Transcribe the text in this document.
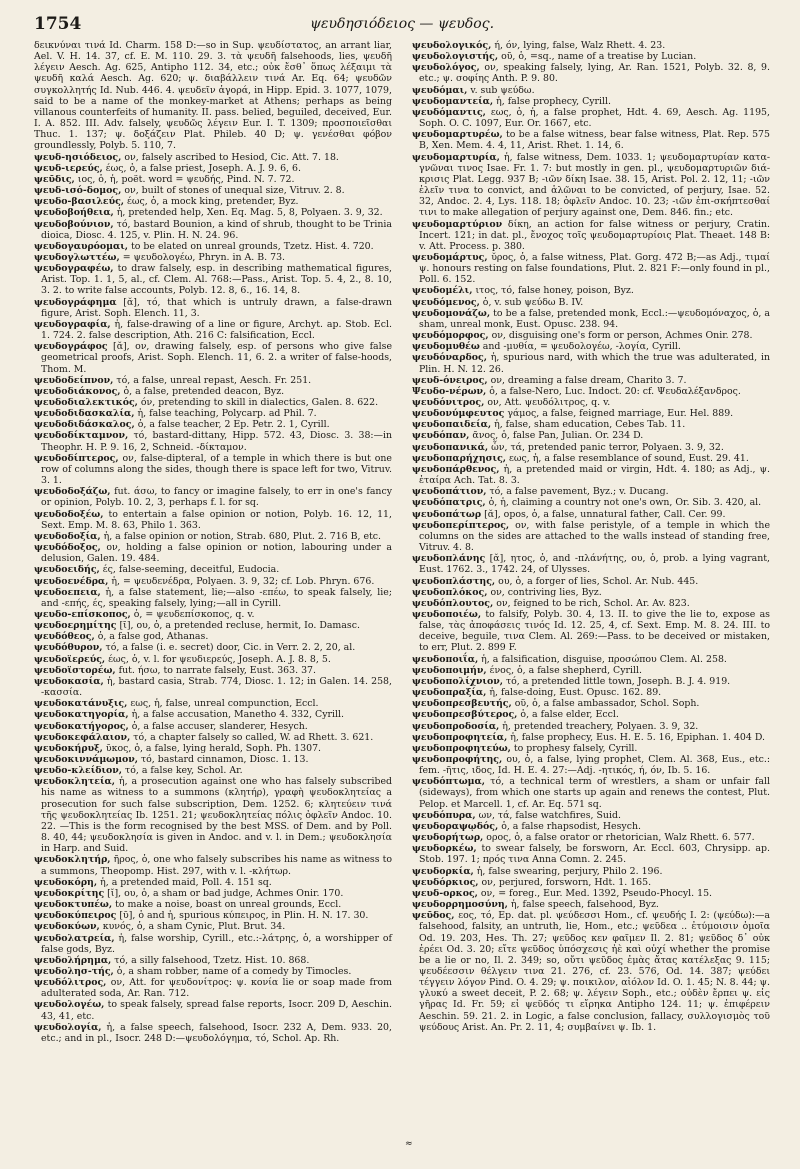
1754	ψευδησιόδειος — ψευδος.

δεικνύναι τινά Id. Charm. 158 D:—so in Sup. ψευδίστατος, an arrant liar, Ael. V. H. 14. 37, cf. E. M. 110. 29. 3. τὰ ψευδῆ falsehoods, lies, ψευδῆ λέγειν Aesch. Ag. 625, Antipho 112. 34, etc.; οὐκ ἔσθ᾽ ὅπως λέξαιμι τὰ ψευδῆ καλά Aesch. Ag. 620; ψ. διαβάλλειν τινά Ar. Eq. 64; ψευδῶν συγκολλητής Id. Nub. 446. 4. ψευδεῖν ἀγορά, in Hipp. Epid. 3. 1077, 1079, said to be a name of the monkey-market at Athens; perhaps as being villanous counterfeits of humanity. II. pass. belied, beguiled, deceived, Eur. I. A. 852. III. Adv. falsely, ψευδῶς λέγειν Eur. I. T. 1309; προσποιεῖσθαι Thuc. 1. 137; ψ. δοξάζειν Plat. Phileb. 40 D; ψ. γενέσθαι φόβον groundlessly, Polyb. 5. 110, 7.

ψευδ-ησιόδειος, ον, falsely ascribed to Hesiod, Cic. Att. 7. 18.

ψευδ-ιερεύς, έως, ὁ, a false priest, Joseph. A. J. 9. 6, 6.

ψεῦδις, ιος, ὁ, ἡ, poët. word = ψευδής, Pind. N. 7. 72.

ψευδ-ισό-δομος, ον, built of stones of unequal size, Vitruv. 2. 8.

ψευδο-βασιλεύς, έως, ὁ, a mock king, pretender, Byz.

ψευδοβοήθεια, ἡ, pretended help, Xen. Eq. Mag. 5, 8, Polyaen. 3. 9, 32.

ψευδοβούνιον, τό, bastard Bounion, a kind of shrub, thought to be Trinia dioica, Diosc. 4. 125, v. Plin. H. N. 24. 96.

ψευδογαυρόομαι, to be elated on unreal grounds, Tzetz. Hist. 4. 720.

ψευδογλωττέω, = ψευδολογέω, Phryn. in A. B. 73.

ψευδογραφέω, to draw falsely, esp. in describing mathematical figures, Arist. Top. 1. 1, 5, al., cf. Clem. Al. 768:—Pass., Arist. Top. 5. 4, 2., 8. 10, 3. 2. to write false accounts, Polyb. 12. 8, 6., 16. 14, 8.

ψευδογράφημα [ᾰ], τό, that which is untruly drawn, a false-drawn figure, Arist. Soph. Elench. 11, 3.

ψευδογραφία, ἡ, false-drawing of a line or figure, Archyt. ap. Stob. Ecl. 1. 724. 2. false description, Ath. 216 C: falsification, Eccl.

ψευδογράφος [ᾰ], ον, drawing falsely, esp. of persons who give false geometrical proofs, Arist. Soph. Elench. 11, 6. 2. a writer of false-hoods, Thom. M.

ψευδοδείπνον, τό, a false, unreal repast, Aesch. Fr. 251.

ψευδοδιάκονος, ὁ, a false, pretended deacon, Byz.

ψευδοδιαλεκτικός, όν, pretending to skill in dialectics, Galen. 8. 622.

ψευδοδιδασκαλία, ἡ, false teaching, Polycarp. ad Phil. 7.

ψευδοδιδάσκαλος, ὁ, a false teacher, 2 Ep. Petr. 2. 1, Cyrill.

ψευδοδίκταμνον, τό, bastard-dittany, Hipp. 572. 43, Diosc. 3. 38:—in Theophr. H. P. 9. 16, 2, Schneid. -δίκταμον.

ψευδοδίπτερος, ον, false-dipteral, of a temple in which there is but one row of columns along the sides, though there is space left for two, Vitruv. 3. 1.

ψευδοδοξάζω, fut. άσω, to fancy or imagine falsely, to err in one's fancy or opinion, Polyb. 10. 2, 3, perhaps f. l. for sq.

ψευδοδοξέω, to entertain a false opinion or notion, Polyb. 16. 12, 11, Sext. Emp. M. 8. 63, Philo 1. 363.

ψευδοδοξία, ἡ, a false opinion or notion, Strab. 680, Plut. 2. 716 B, etc.

ψευδόδοξος, ον, holding a false opinion or notion, labouring under a delusion, Galen. 19. 484.

ψευδοειδής, ές, false-seeming, deceitful, Eudocia.

ψευδοενέδρα, ἡ, = ψευδενέδρα, Polyaen. 3. 9, 32; cf. Lob. Phryn. 676.

ψευδοεπεια, ἡ, a false statement, lie;—also -επέω, to speak falsely, lie; and -επής, ές, speaking falsely, lying;—all in Cyrill.

ψευδο-επίσκοπος, ὁ, = ψευδεπίσκοπος, q. v.

ψευδοερημίτης [ῑ], ου, ὁ, a pretended recluse, hermit, Io. Damasc.

ψευδόθεος, ὁ, a false god, Athanas.

ψευδόθυρον, τό, a false (i. e. secret) door, Cic. in Verr. 2. 2, 20, al.

ψευδοϊερεύς, έως, ὁ, v. l. for ψευδιερεύς, Joseph. A. J. 8. 8, 5.

ψευδοϊστορέω, fut. ήσω, to narrate falsely, Eust. 363. 37.

ψευδοκασία, ἡ, bastard casia, Strab. 774, Diosc. 1. 12; in Galen. 14. 258, -κασσία.

ψευδοκατάνυξις, εως, ἡ, false, unreal compunction, Eccl.

ψευδοκατηγορία, ἡ, a false accusation, Manetho 4. 332, Cyrill.

ψευδοκατήγορος, ὁ, a false accuser, slanderer, Hesych.

ψευδοκεφάλαιον, τό, a chapter falsely so called, W. ad Rhett. 3. 621.

ψευδοκήρυξ, ῡκος, ὁ, a false, lying herald, Soph. Ph. 1307.

ψευδοκιννάμωμον, τό, bastard cinnamon, Diosc. 1. 13.

ψευδο-κλείδιον, τό, a false key, Schol. Ar.

ψευδοκλητεία, ἡ, a prosecution against one who has falsely subscribed his name as witness to a summons (κλητήρ), γραφὴ ψευδοκλητείας a prosecution for such false subscription, Dem. 1252. 6; κλητεύειν τινά τῆς ψευδοκλητείας Ib. 1251. 21; ψευδοκλητείας πόλις ὀφλεῖν Andoc. 10. 22. —This is the form recognised by the best MSS. of Dem. and by Poll. 8. 40, 44; ψευδοκλησία is given in Andoc. and v. l. in Dem.; ψευδοκλησία in Harp. and Suid.

ψευδοκλητήρ, ῆρος, ὁ, one who falsely subscribes his name as witness to a summons, Theopomp. Hist. 297, with v. l. -κλήτωρ.

ψευδοκόρη, ἡ, a pretended maid, Poll. 4. 151 sq.

ψευδοκρίτης [ῐ], ου, ὁ, a sham or bad judge, Achmes Onir. 170.

ψευδοκτυπέω, to make a noise, boast on unreal grounds, Eccl.

ψευδοκύπειρος [ῡ], ὁ and ἡ, spurious κύπειρος, in Plin. H. N. 17. 30.

ψευδοκύων, κυνός, ὁ, a sham Cynic, Plut. Brut. 34.

ψευδολατρεία, ἡ, false worship, Cyrill., etc.:-λάτρης, ὁ, a worshipper of false gods, Byz.

ψευδολήρημα, τό, a silly falsehood, Tzetz. Hist. 10. 868.

ψευδολησ-τής, ὁ, a sham robber, name of a comedy by Timocles.

ψευδόλιτρος, ον, Att. for ψευδονίτρος: ψ. κονία lie or soap made from adulterated soda, Ar. Ran. 712.

ψευδολογέω, to speak falsely, spread false reports, Isocr. 209 D, Aeschin. 43, 41, etc.

ψευδολογία, ἡ, a false speech, falsehood, Isocr. 232 A, Dem. 933. 20, etc.; and in pl., Isocr. 248 D:—ψευδολόγημα, τό, Schol. Ap. Rh.

ψευδολογικός, ή, όν, lying, false, Walz Rhett. 4. 23.

ψευδολογιστής, οῦ, ὁ, =sq., name of a treatise by Lucian.

ψευδολόγος, ον, speaking falsely, lying, Ar. Ran. 1521, Polyb. 32. 8, 9. etc.; ψ. σοφίης Anth. P. 9. 80.

ψευδόμαι, v. sub ψεύδω.

ψευδομαντεία, ἡ, false prophecy, Cyrill.

ψευδόμαντις, εως, ὁ, ἡ, a false prophet, Hdt. 4. 69, Aesch. Ag. 1195, Soph. O. C. 1097, Eur. Or. 1667, etc.

ψευδομαρτυρέω, to be a false witness, bear false witness, Plat. Rep. 575 B, Xen. Mem. 4. 4, 11, Arist. Rhet. 1. 14, 6.

ψευδομαρτυρία, ἡ, false witness, Dem. 1033. 1; ψευδομαρτυρίαν κατα-γνῶναι τινος Isae. Fr. 1. 7: but mostly in gen. pl., ψευδομαρτυριῶν διά-κρισις Plat. Legg. 937 B; -ιῶν δίκη Isae. 38. 15, Arist. Pol. 2. 12, 11; -ιῶν ἑλεῖν τινα to convict, and ἁλῶναι to be convicted, of perjury, Isae. 52. 32, Andoc. 2. 4, Lys. 118. 18; ὀφλεῖν Andoc. 10. 23; -ιῶν ἐπι-σκήπτεσθαί τινι to make allegation of perjury against one, Dem. 846. fin.; etc.

ψευδομαρτύριον δίκη, an action for false witness or perjury, Cratin. Incert. 121; in dat. pl., ἔνοχος τοῖς ψευδομαρτυρίοις Plat. Theaet. 148 B: v. Att. Process. p. 380.

ψευδομάρτυς, ῠρος, ὁ, a false witness, Plat. Gorg. 472 B;—as Adj., τιμαί ψ. honours resting on false foundations, Plut. 2. 821 F:—only found in pl., Poll. 6. 152.

ψευδομέλι, ιτος, τό, false honey, poison, Byz.

ψευδόμενος, ὁ, v. sub ψεύδω B. IV.

ψευδομονάζω, to be a false, pretended monk, Eccl.:—ψευδομόναχος, ὁ, a sham, unreal monk, Eust. Opusc. 238. 94.

ψευδόμορφος, ον, disguising one's form or person, Achmes Onir. 278.

ψευδομυθέω and -μυθία, = ψευδολογέω, -λογία, Cyrill.

ψευδόναρδος, ἡ, spurious nard, with which the true was adulterated, in Plin. H. N. 12. 26.

ψευδ-όνειρος, ον, dreaming a false dream, Charito 3. 7.

Ψευδο-νέρων, ὁ, a false-Nero, Luc. Indoct. 20: cf. Ψευδαλέξανδρος.

ψευδόνιτρος, ον, Att. ψευδόλιτρος, q. v.

ψευδονύμφευτος γάμος, a false, feigned marriage, Eur. Hel. 889.

ψευδοπαιδεία, ἡ, false, sham education, Cebes Tab. 11.

ψευδόπαν, ᾶνος, ὁ, false Pan, Julian. Or. 234 D.

ψευδοπανικά, ὧν, τά, pretended panic terror, Polyaen. 3. 9, 32.

ψευδοπαρήχησις, εως, ἡ, a false resemblance of sound, Eust. 29. 41.

ψευδοπάρθενος, ἡ, a pretended maid or virgin, Hdt. 4. 180; as Adj., ψ. ἑταίρα Ach. Tat. 8. 3.

ψευδοπάτιον, τό, a false pavement, Byz.; v. Ducang.

ψευδόπατρις, ὁ, ἡ, claiming a country not one's own, Or. Sib. 3. 420, al.

ψευδοπάτωρ [ᾰ], opos, ὁ, a false, unnatural father, Call. Cer. 99.

ψευδοπερίπτερος, ον, with false peristyle, of a temple in which the columns on the sides are attached to the walls instead of standing free, Vitruv. 4. 8.

ψευδοπλάνης [ᾰ], ητος, ὁ, and -πλάνήτης, ου, ὁ, prob. a lying vagrant, Eust. 1762. 3., 1742. 24, of Ulysses.

ψευδοπλάστης, ου, ὁ, a forger of lies, Schol. Ar. Nub. 445.

ψευδοπλόκος, ον, contriving lies, Byz.

ψευδόπλουτος, ον, feigned to be rich, Schol. Ar. Av. 823.

ψευδοποιέω, to falsify, Polyb. 30. 4, 13. II. to give the lie to, expose as false, τὰς ἀποφάσεις τινός Id. 12. 25, 4, cf. Sext. Emp. M. 8. 24. III. to deceive, beguile, τινα Clem. Al. 269:—Pass. to be deceived or mistaken, to err, Plut. 2. 899 F.

ψευδοποιΐα, ἡ, a falsification, disguise, προσώπου Clem. Al. 258.

ψευδοποιμήν, ένος, ὁ, a false shepherd, Cyrill.

ψευδοπολίχνιον, τό, a pretended little town, Joseph. B. J. 4. 919.

ψευδοπραξία, ἡ, false-doing, Eust. Opusc. 162. 89.

ψευδοπρεσβευτής, οῦ, ὁ, a false ambassador, Schol. Soph.

ψευδοπρεσβύτερος, ὁ, a false elder, Eccl.

ψευδοπροδοσία, ἡ, pretended treachery, Polyaen. 3. 9, 32.

ψευδοπροφητεία, ἡ, false prophecy, Eus. H. E. 5. 16, Epiphan. 1. 404 D.

ψευδοπροφητεύω, to prophesy falsely, Cyrill.

ψευδοπροφήτης, ου, ὁ, a false, lying prophet, Clem. Al. 368, Eus., etc.: fem. -ῆτις, ιδος, Id. H. E. 4. 27:—Adj. -ητικός, ή, όν, Ib. 5. 16.

ψευδόπτωμα, τό, a technical term of wrestlers, a sham or unfair fall (sideways), from which one starts up again and renews the contest, Plut. Pelop. et Marcell. 1, cf. Ar. Eq. 571 sq.

ψευδόπυρα, ων, τά, false watchfires, Suid.

ψευδοραψῳδός, ὁ, a false rhapsodist, Hesych.

ψευδορήτωρ, ορος, ὁ, a false orator or rhetorician, Walz Rhett. 6. 577.

ψευδορκέω, to swear falsely, be forsworn, Ar. Eccl. 603, Chrysipp. ap. Stob. 197. 1; πρός τινα Anna Comn. 2. 245.

ψευδορκία, ἡ, false swearing, perjury, Philo 2. 196.

ψευδόρκιος, ον, perjured, forsworn, Hdt. 1. 165.

ψευδ-ορκος, ον, = foreg., Eur. Med. 1392, Pseudo-Phocyl. 15.

ψευδορρημοσύνη, ἡ, false speech, falsehood, Byz.

ψεῦδος, εος, τό, Ep. dat. pl. ψεύδεσσι Hom., cf. ψευδής I. 2: (ψεύδω):—a falsehood, falsity, an untruth, lie, Hom., etc.; ψεῦδεα .. ἐτύμοισιν ὁμοῖα Od. 19. 203, Hes. Th. 27; ψεῦδος κεν φαῖμεν Il. 2. 81; ψεῦδος δ᾽ οὐκ ἐρέει Od. 3. 20; εἴτε ψεῦδος ὑπόσχεσις ἠὲ καὶ οὐχί whether the promise be a lie or no, Il. 2. 349; so, οὔτι ψεῦδος ἐμὰς ἄτας κατέλεξας 9. 115; ψευδέεσσιν θέλγειν τινα 21. 276, cf. 23. 576, Od. 14. 387; ψεύδει τέγγειν λόγον Pind. O. 4. 29; ψ. ποικιλον, αἰόλον Id. O. 1. 45; N. 8. 44; ψ. γλυκύ a sweet deceit, P. 2. 68; ψ. λέγειν Soph., etc.; οὐδὲν ἔρπει ψ. εἰς γῆρας Id. Fr. 59; εἰ ψεῦδός τι εἴρηκα Antipho 124. 11; ψ. ἐπιφέρειν Aeschin. 59. 21. 2. in Logic, a false conclusion, fallacy, συλλογισμὸς τοῦ ψεύδους Arist. An. Pr. 2. 11, 4; συμβαίνει ψ. Ib. 1.

≈
